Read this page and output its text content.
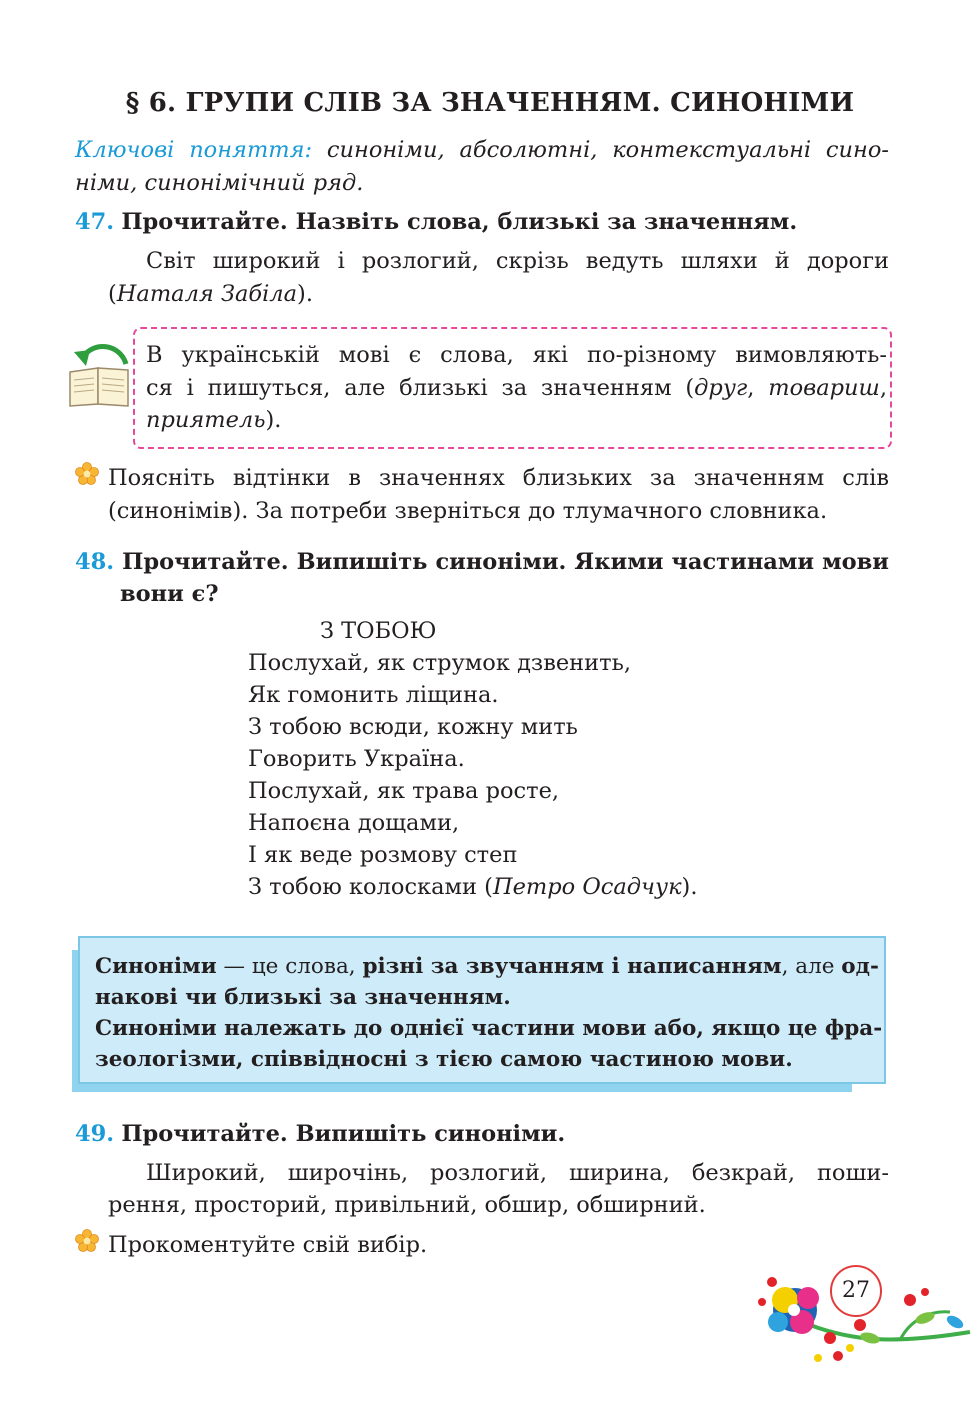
§ 6. ГРУПИ СЛІВ ЗА ЗНАЧЕННЯМ. СИНОНІМИ
Ключові поняття: синоніми, абсолютні, контекстуальні сино-
німи, синонімічний ряд.
47. Прочитайте. Назвіть слова, близькі за значенням.
Світ широкий і розлогий, скрізь ведуть шляхи й дороги
(Наталя Забіла).
В українській мові є слова, які по-різному вимовляють-
ся і пишуться, але близькі за значенням (друг, товариш,
приятель).
Поясніть відтінки в значеннях близьких за значенням слів
(синонімів). За потреби зверніться до тлумачного словника.
48. Прочитайте. Випишіть синоніми. Якими частинами мови
вони є?
З ТОБОЮ
Послухай, як струмок дзвенить,
Як гомонить ліщина.
З тобою всюди, кожну мить
Говорить Україна.
Послухай, як трава росте,
Напоєна дощами,
І як веде розмову степ
З тобою колосками (Петро Осадчук).
Синоніми — це слова, різні за звучанням і написанням, але од-
накові чи близькі за значенням.
Синоніми належать до однієї частини мови або, якщо це фра-
зеологізми, співвідносні з тією самою частиною мови.
49. Прочитайте. Випишіть синоніми.
Широкий, широчінь, розлогий, ширина, безкрай, поши-
рення, просторий, привільний, обшир, обширний.
Прокоментуйте свій вибір.
27
